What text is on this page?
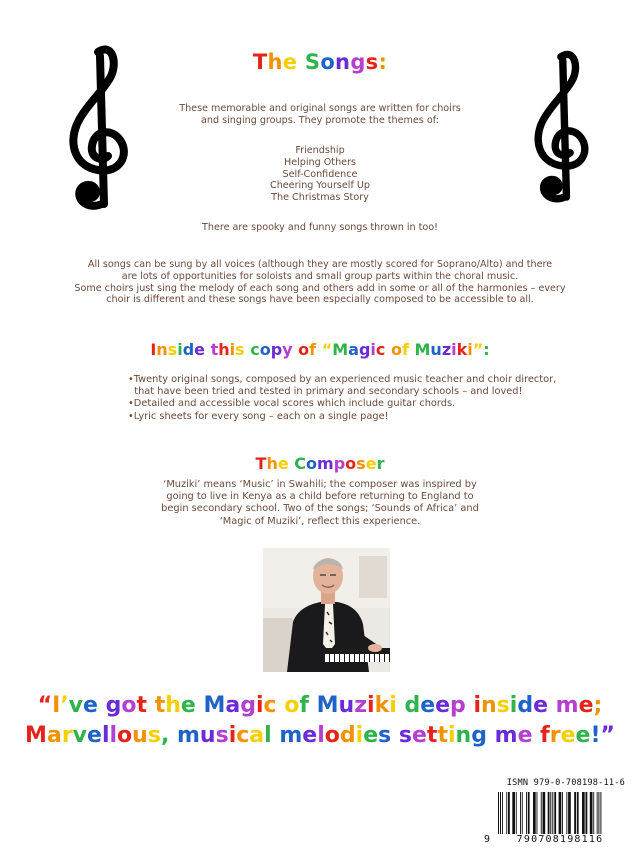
The Songs:
These memorable and original songs are written for choirs
and singing groups. They promote the themes of:
Friendship
Helping Others
Self-Confidence
Cheering Yourself Up
The Christmas Story
There are spooky and funny songs thrown in too!
All songs can be sung by all voices (although they are mostly scored for Soprano/Alto) and there
are lots of opportunities for soloists and small group parts within the choral music.
Some choirs just sing the melody of each song and others add in some or all of the harmonies – every
choir is different and these songs have been especially composed to be accessible to all.
Inside this copy of “Magic of Muziki”:
•Twenty original songs, composed by an experienced music teacher and choir director,
that have been tried and tested in primary and secondary schools – and loved!
•Detailed and accessible vocal scores which include guitar chords.
•Lyric sheets for every song – each on a single page!
The Composer
‘Muziki’ means ‘Music’ in Swahili; the composer was inspired by
going to live in Kenya as a child before returning to England to
begin secondary school. Two of the songs; ‘Sounds of Africa’ and
‘Magic of Muziki’, reflect this experience.
“I’ve got the Magic of Muziki deep inside me;
Marvellous, musical melodies setting me free!”
ISMN 979-0-708198-11-6
9	790708198116
